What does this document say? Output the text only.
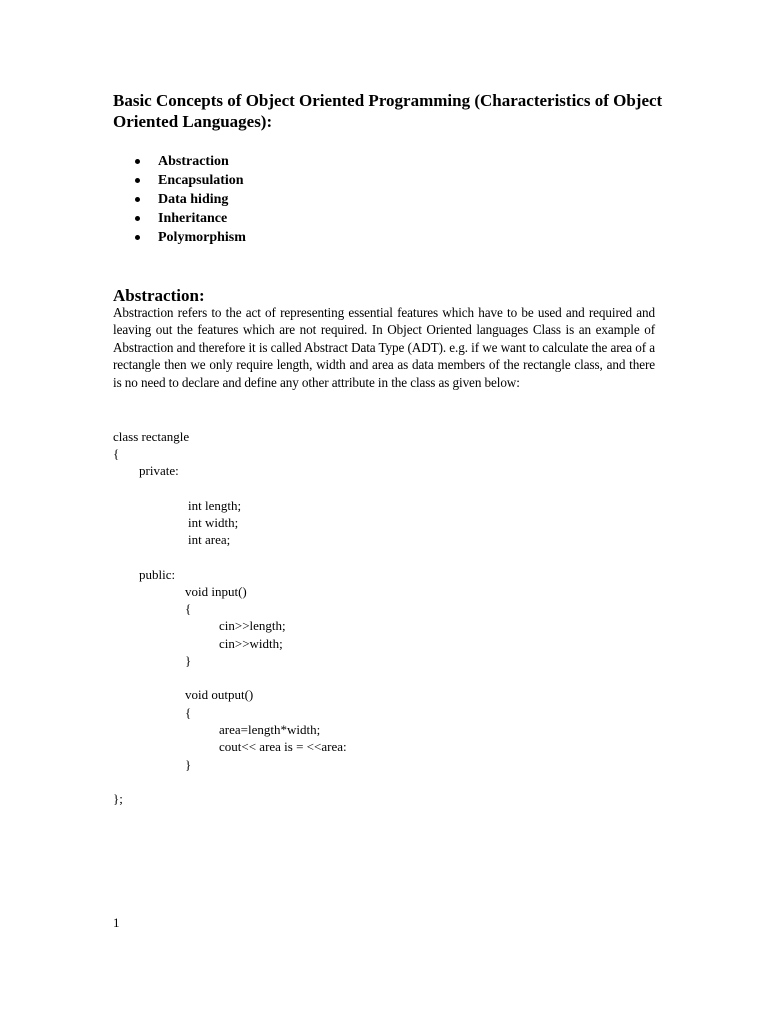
Basic Concepts of Object Oriented Programming (Characteristics of Object Oriented Languages):
Abstraction
Encapsulation
Data hiding
Inheritance
Polymorphism
Abstraction:

Abstraction refers to the act of representing essential features which have to be used and required and leaving out the features which are not required. In Object Oriented languages Class is an example of Abstraction and therefore it is called Abstract Data Type (ADT). e.g. if we want to calculate the area of a rectangle then we only require length, width and area as data members of the rectangle class, and there is no need to declare and define any other attribute in the class as given below:

class rectangle
{
private:
int length;
int width;
int area;
public:
void input()
{
cin>>length;
cin>>width;
}
void output()
{
area=length*width;
cout<< area is = <<area:
}
};
1
